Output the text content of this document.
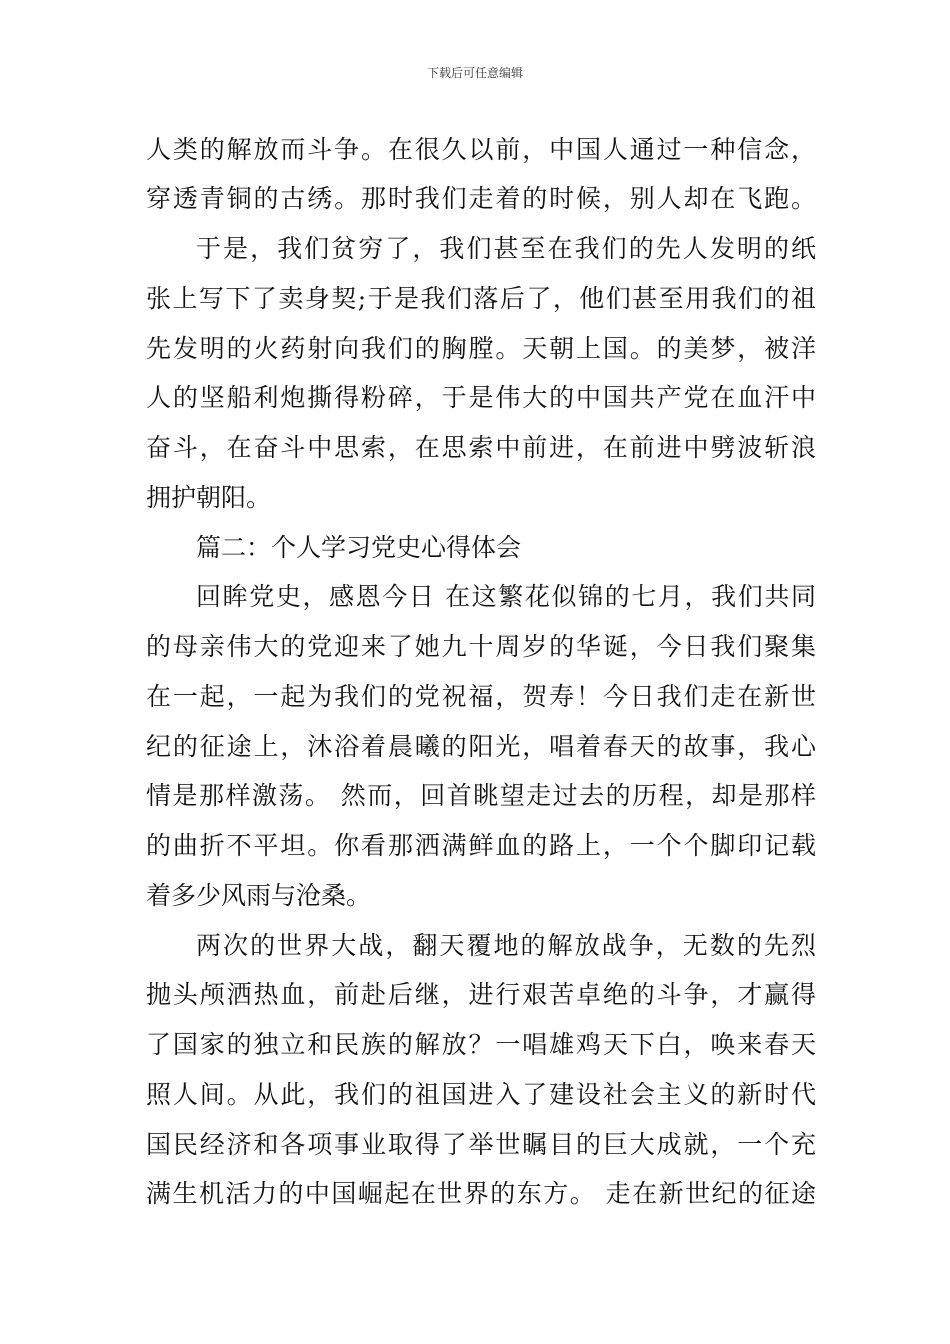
下载后可任意编辑
人类的解放而斗争。在很久以前，中国人通过一种信念，
穿透青铜的古绣。那时我们走着的时候，别人却在飞跑。
于是，我们贫穷了，我们甚至在我们的先人发明的纸
张上写下了卖身契;于是我们落后了，他们甚至用我们的祖
先发明的火药射向我们的胸膛。天朝上国。的美梦，被洋
人的坚船利炮撕得粉碎，于是伟大的中国共产党在血汗中
奋斗，在奋斗中思索，在思索中前进，在前进中劈波斩浪
拥护朝阳。
篇二：个人学习党史心得体会
回眸党史，感恩今日 在这繁花似锦的七月，我们共同
的母亲伟大的党迎来了她九十周岁的华诞，今日我们聚集
在一起，一起为我们的党祝福，贺寿！今日我们走在新世
纪的征途上，沐浴着晨曦的阳光，唱着春天的故事，我心
情是那样激荡。 然而，回首眺望走过去的历程，却是那样
的曲折不平坦。你看那洒满鲜血的路上，一个个脚印记载
着多少风雨与沧桑。
两次的世界大战，翻天覆地的解放战争，无数的先烈
抛头颅洒热血，前赴后继，进行艰苦卓绝的斗争，才赢得
了国家的独立和民族的解放？一唱雄鸡天下白，唤来春天
照人间。从此，我们的祖国进入了建设社会主义的新时代
国民经济和各项事业取得了举世瞩目的巨大成就，一个充
满生机活力的中国崛起在世界的东方。 走在新世纪的征途
